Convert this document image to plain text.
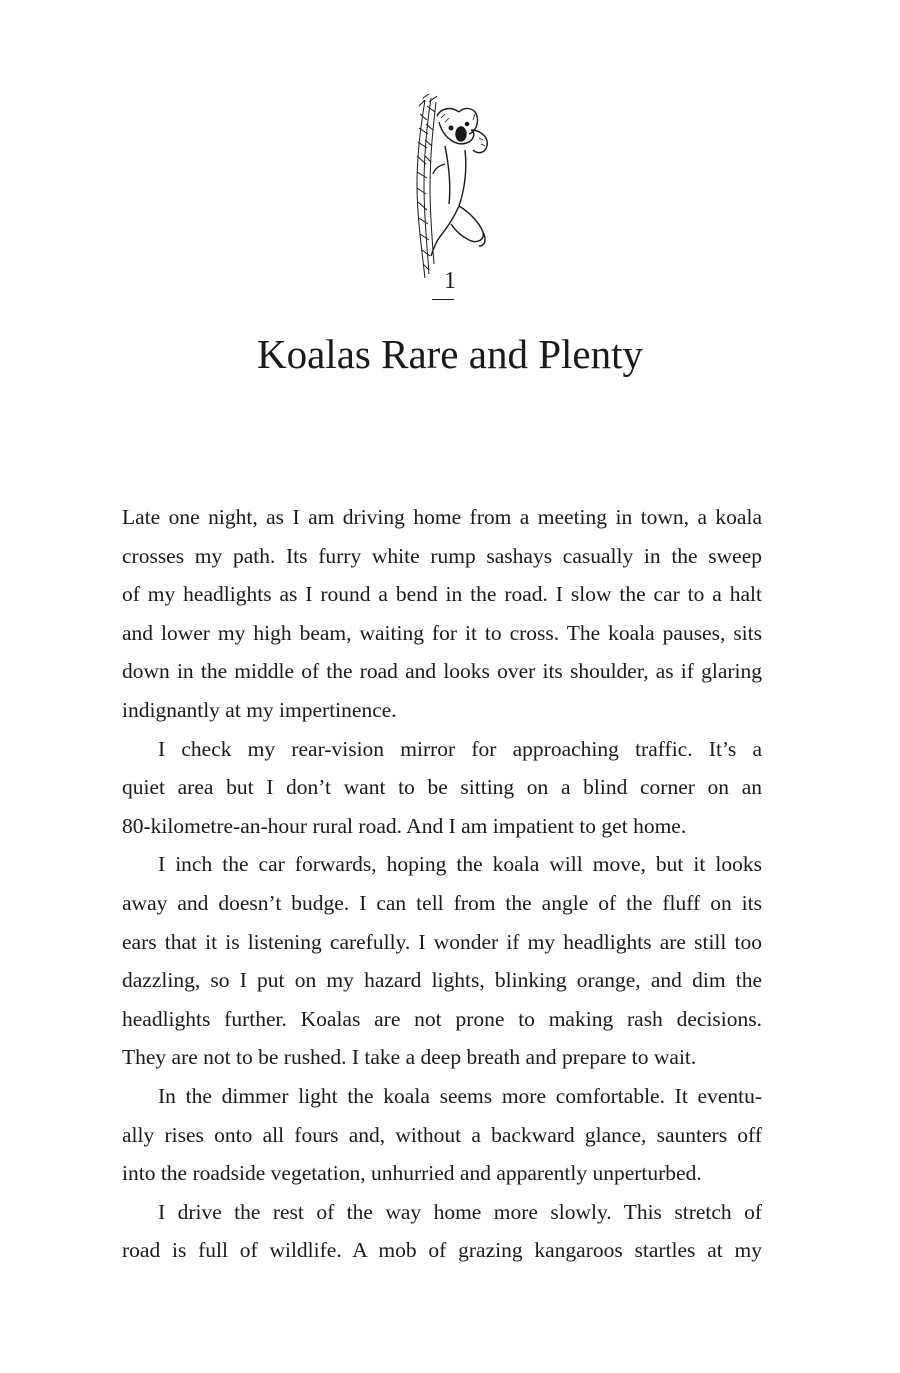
1
Koalas Rare and Plenty
Late one night, as I am driving home from a meeting in town, a koala
crosses my path. Its furry white rump sashays casually in the sweep
of my headlights as I round a bend in the road. I slow the car to a halt
and lower my high beam, waiting for it to cross. The koala pauses, sits
down in the middle of the road and looks over its shoulder, as if glaring
indignantly at my impertinence.
I check my rear-vision mirror for approaching traffic. It’s a
quiet area but I don’t want to be sitting on a blind corner on an
80-kilometre-an-hour rural road. And I am impatient to get home.
I inch the car forwards, hoping the koala will move, but it looks
away and doesn’t budge. I can tell from the angle of the fluff on its
ears that it is listening carefully. I wonder if my headlights are still too
dazzling, so I put on my hazard lights, blinking orange, and dim the
headlights further. Koalas are not prone to making rash decisions.
They are not to be rushed. I take a deep breath and prepare to wait.
In the dimmer light the koala seems more comfortable. It eventu-
ally rises onto all fours and, without a backward glance, saunters off
into the roadside vegetation, unhurried and apparently unperturbed.
I drive the rest of the way home more slowly. This stretch of
road is full of wildlife. A mob of grazing kangaroos startles at my
